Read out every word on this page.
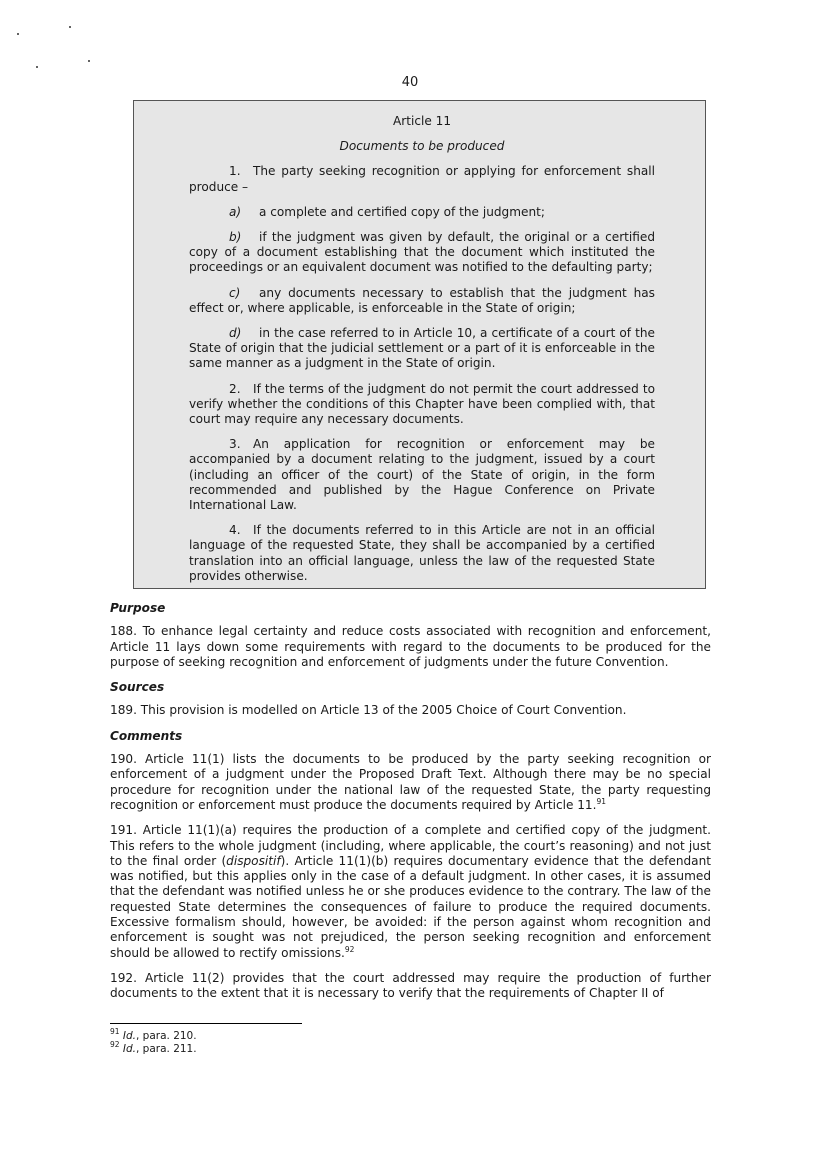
40
Article 11
Documents to be produced

1. The party seeking recognition or applying for enforcement shall produce –

a) a complete and certified copy of the judgment;

b) if the judgment was given by default, the original or a certified copy of a document establishing that the document which instituted the proceedings or an equivalent document was notified to the defaulting party;

c) any documents necessary to establish that the judgment has effect or, where applicable, is enforceable in the State of origin;

d) in the case referred to in Article 10, a certificate of a court of the State of origin that the judicial settlement or a part of it is enforceable in the same manner as a judgment in the State of origin.

2. If the terms of the judgment do not permit the court addressed to verify whether the conditions of this Chapter have been complied with, that court may require any necessary documents.

3. An application for recognition or enforcement may be accompanied by a document relating to the judgment, issued by a court (including an officer of the court) of the State of origin, in the form recommended and published by the Hague Conference on Private International Law.

4. If the documents referred to in this Article are not in an official language of the requested State, they shall be accompanied by a certified translation into an official language, unless the law of the requested State provides otherwise.

Purpose

188. To enhance legal certainty and reduce costs associated with recognition and enforcement, Article 11 lays down some requirements with regard to the documents to be produced for the purpose of seeking recognition and enforcement of judgments under the future Convention.

Sources

189. This provision is modelled on Article 13 of the 2005 Choice of Court Convention.

Comments

190. Article 11(1) lists the documents to be produced by the party seeking recognition or enforcement of a judgment under the Proposed Draft Text. Although there may be no special procedure for recognition under the national law of the requested State, the party requesting recognition or enforcement must produce the documents required by Article 11.91

191. Article 11(1)(a) requires the production of a complete and certified copy of the judgment. This refers to the whole judgment (including, where applicable, the court’s reasoning) and not just to the final order (dispositif). Article 11(1)(b) requires documentary evidence that the defendant was notified, but this applies only in the case of a default judgment. In other cases, it is assumed that the defendant was notified unless he or she produces evidence to the contrary. The law of the requested State determines the consequences of failure to produce the required documents. Excessive formalism should, however, be avoided: if the person against whom recognition and enforcement is sought was not prejudiced, the person seeking recognition and enforcement should be allowed to rectify omissions.$^{92}$

192. Article 11(2) provides that the court addressed may require the production of further documents to the extent that it is necessary to verify that the requirements of Chapter II of

$^{91}$ Id., para. 210.
$^{92}$ Id., para. 211.
